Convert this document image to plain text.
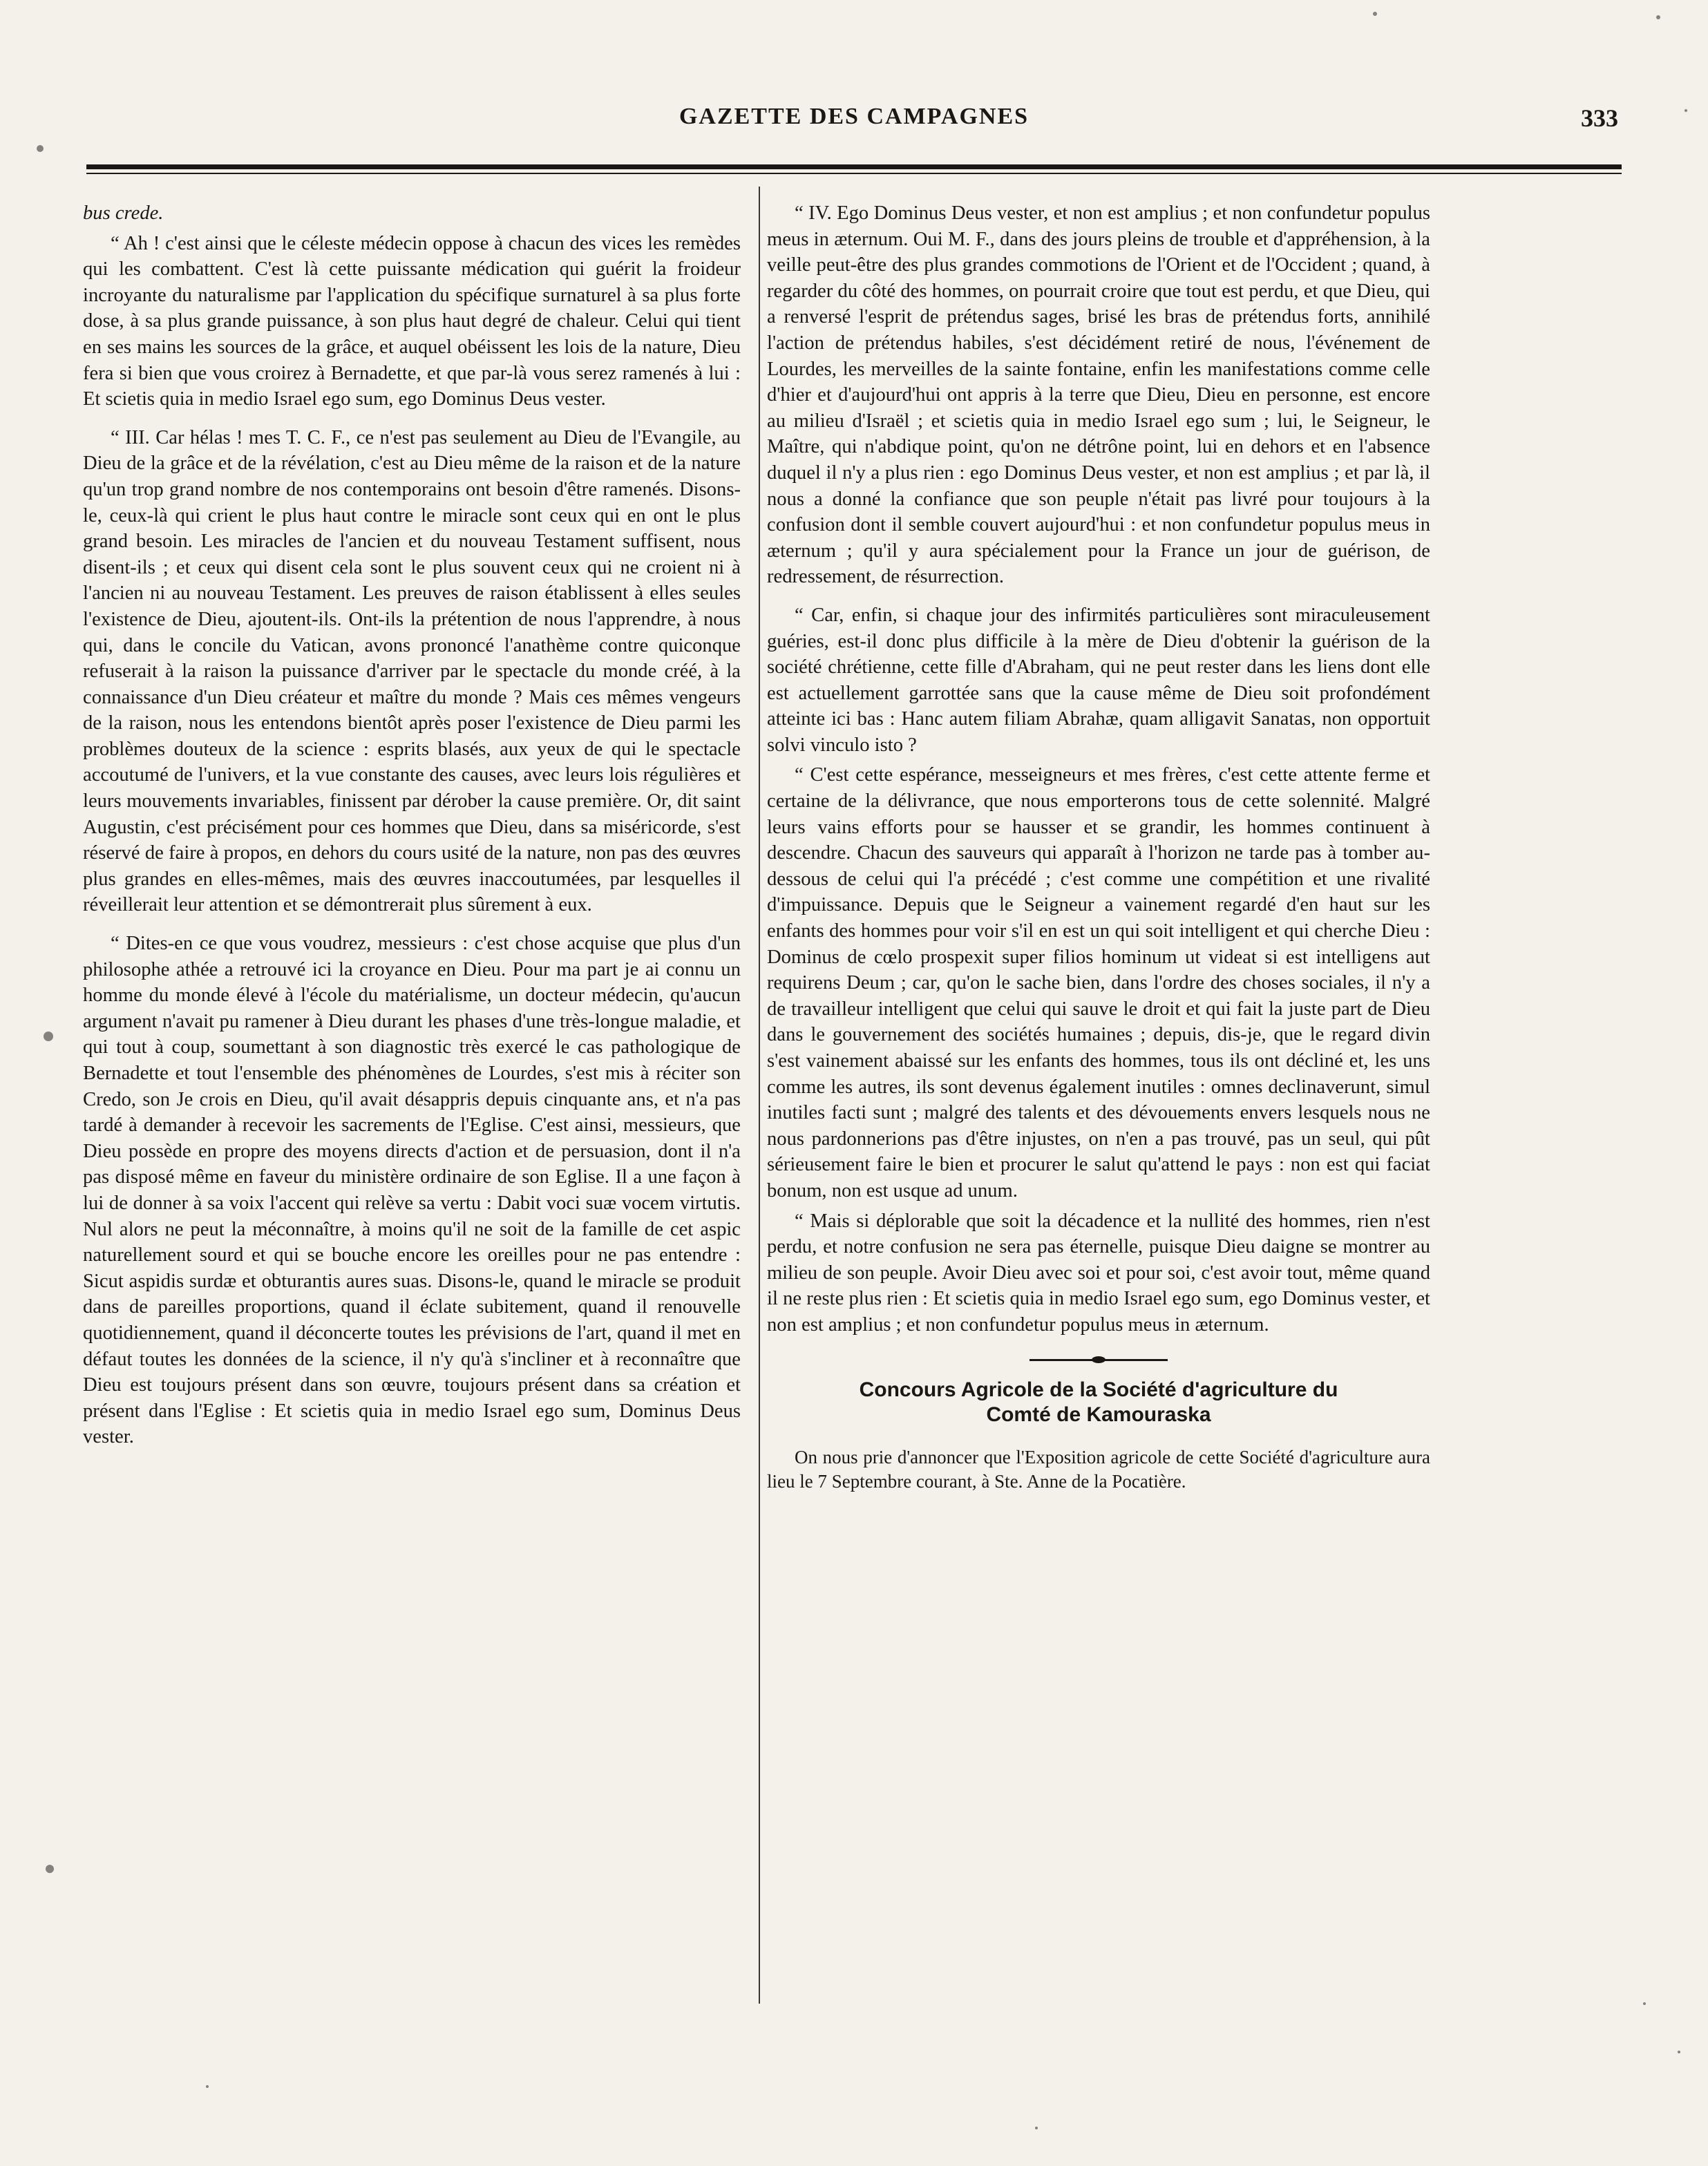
GAZETTE DES CAMPAGNES	333

bus crede.

“ Ah ! c'est ainsi que le céleste médecin oppose à chacun des vices les remèdes qui les combattent. C'est là cette puissante médication qui guérit la froideur incroyante du naturalisme par l'application du spécifique surnaturel à sa plus forte dose, à sa plus grande puissance, à son plus haut degré de chaleur. Celui qui tient en ses mains les sources de la grâce, et auquel obéissent les lois de la nature, Dieu fera si bien que vous croirez à Bernadette, et que par-là vous serez ramenés à lui : Et scietis quia in medio Israel ego sum, ego Dominus Deus vester.

“ III. Car hélas ! mes T. C. F., ce n'est pas seulement au Dieu de l'Evangile, au Dieu de la grâce et de la révélation, c'est au Dieu même de la raison et de la nature qu'un trop grand nombre de nos contemporains ont besoin d'être ramenés. Disons-le, ceux-là qui crient le plus haut contre le miracle sont ceux qui en ont le plus grand besoin. Les miracles de l'ancien et du nouveau Testament suffisent, nous disent-ils ; et ceux qui disent cela sont le plus souvent ceux qui ne croient ni à l'ancien ni au nouveau Testament. Les preuves de raison établissent à elles seules l'existence de Dieu, ajoutent-ils. Ont-ils la prétention de nous l'apprendre, à nous qui, dans le concile du Vatican, avons prononcé l'anathème contre quiconque refuserait à la raison la puissance d'arriver par le spectacle du monde créé, à la connaissance d'un Dieu créateur et maître du monde ? Mais ces mêmes vengeurs de la raison, nous les entendons bientôt après poser l'existence de Dieu parmi les problèmes douteux de la science : esprits blasés, aux yeux de qui le spectacle accoutumé de l'univers, et la vue constante des causes, avec leurs lois régulières et leurs mouvements invariables, finissent par dérober la cause première. Or, dit saint Augustin, c'est précisément pour ces hommes que Dieu, dans sa miséricorde, s'est réservé de faire à propos, en dehors du cours usité de la nature, non pas des œuvres plus grandes en elles-mêmes, mais des œuvres inaccoutumées, par lesquelles il réveillerait leur attention et se démontrerait plus sûrement à eux.

“ Dites-en ce que vous voudrez, messieurs : c'est chose acquise que plus d'un philosophe athée a retrouvé ici la croyance en Dieu. Pour ma part je ai connu un homme du monde élevé à l'école du matérialisme, un docteur médecin, qu'aucun argument n'avait pu ramener à Dieu durant les phases d'une très-longue maladie, et qui tout à coup, soumettant à son diagnostic très exercé le cas pathologique de Bernadette et tout l'ensemble des phénomènes de Lourdes, s'est mis à réciter son Credo, son Je crois en Dieu, qu'il avait désappris depuis cinquante ans, et n'a pas tardé à demander à recevoir les sacrements de l'Eglise. C'est ainsi, messieurs, que Dieu possède en propre des moyens directs d'action et de persuasion, dont il n'a pas disposé même en faveur du ministère ordinaire de son Eglise. Il a une façon à lui de donner à sa voix l'accent qui relève sa vertu : Dabit voci suæ vocem virtutis. Nul alors ne peut la méconnaître, à moins qu'il ne soit de la famille de cet aspic naturellement sourd et qui se bouche encore les oreilles pour ne pas entendre : Sicut aspidis surdæ et obturantis aures suas. Disons-le, quand le miracle se produit dans de pareilles proportions, quand il éclate subitement, quand il renouvelle quotidiennement, quand il déconcerte toutes les prévisions de l'art, quand il met en défaut toutes les données de la science, il n'y qu'à s'incliner et à reconnaître que Dieu est toujours présent dans son œuvre, toujours présent dans sa création et présent dans l'Eglise : Et scietis quia in medio Israel ego sum, Dominus Deus vester.

“ IV. Ego Dominus Deus vester, et non est amplius ; et non confundetur populus meus in æternum. Oui M. F., dans des jours pleins de trouble et d'appréhension, à la veille peut-être des plus grandes commotions de l'Orient et de l'Occident ; quand, à regarder du côté des hommes, on pourrait croire que tout est perdu, et que Dieu, qui a renversé l'esprit de prétendus sages, brisé les bras de prétendus forts, annihilé l'action de prétendus habiles, s'est décidément retiré de nous, l'événement de Lourdes, les merveilles de la sainte fontaine, enfin les manifestations comme celle d'hier et d'aujourd'hui ont appris à la terre que Dieu, Dieu en personne, est encore au milieu d'Israël ; et scietis quia in medio Israel ego sum ; lui, le Seigneur, le Maître, qui n'abdique point, qu'on ne détrône point, lui en dehors et en l'absence duquel il n'y a plus rien : ego Dominus Deus vester, et non est amplius ; et par là, il nous a donné la confiance que son peuple n'était pas livré pour toujours à la confusion dont il semble couvert aujourd'hui : et non confundetur populus meus in æternum ; qu'il y aura spécialement pour la France un jour de guérison, de redressement, de résurrection.

“ Car, enfin, si chaque jour des infirmités particulières sont miraculeusement guéries, est-il donc plus difficile à la mère de Dieu d'obtenir la guérison de la société chrétienne, cette fille d'Abraham, qui ne peut rester dans les liens dont elle est actuellement garrottée sans que la cause même de Dieu soit profondément atteinte ici bas : Hanc autem filiam Abrahæ, quam alligavit Sanatas, non opportuit solvi vinculo isto ?

“ C'est cette espérance, messeigneurs et mes frères, c'est cette attente ferme et certaine de la délivrance, que nous emporterons tous de cette solennité. Malgré leurs vains efforts pour se hausser et se grandir, les hommes continuent à descendre. Chacun des sauveurs qui apparaît à l'horizon ne tarde pas à tomber au-dessous de celui qui l'a précédé ; c'est comme une compétition et une rivalité d'impuissance. Depuis que le Seigneur a vainement regardé d'en haut sur les enfants des hommes pour voir s'il en est un qui soit intelligent et qui cherche Dieu : Dominus de cœlo prospexit super filios hominum ut videat si est intelligens aut requirens Deum ; car, qu'on le sache bien, dans l'ordre des choses sociales, il n'y a de travailleur intelligent que celui qui sauve le droit et qui fait la juste part de Dieu dans le gouvernement des sociétés humaines ; depuis, dis-je, que le regard divin s'est vainement abaissé sur les enfants des hommes, tous ils ont décliné et, les uns comme les autres, ils sont devenus également inutiles : omnes declinaverunt, simul inutiles facti sunt ; malgré des talents et des dévouements envers lesquels nous ne nous pardonnerions pas d'être injustes, on n'en a pas trouvé, pas un seul, qui pût sérieusement faire le bien et procurer le salut qu'attend le pays : non est qui faciat bonum, non est usque ad unum.

“ Mais si déplorable que soit la décadence et la nullité des hommes, rien n'est perdu, et notre confusion ne sera pas éternelle, puisque Dieu daigne se montrer au milieu de son peuple. Avoir Dieu avec soi et pour soi, c'est avoir tout, même quand il ne reste plus rien : Et scietis quia in medio Israel ego sum, ego Dominus vester, et non est amplius ; et non confundetur populus meus in æternum.

Concours Agricole de la Société d'agriculture du
Comté de Kamouraska

On nous prie d'annoncer que l'Exposition agricole de cette Société d'agriculture aura lieu le 7 Septembre courant, à Ste. Anne de la Pocatière.
